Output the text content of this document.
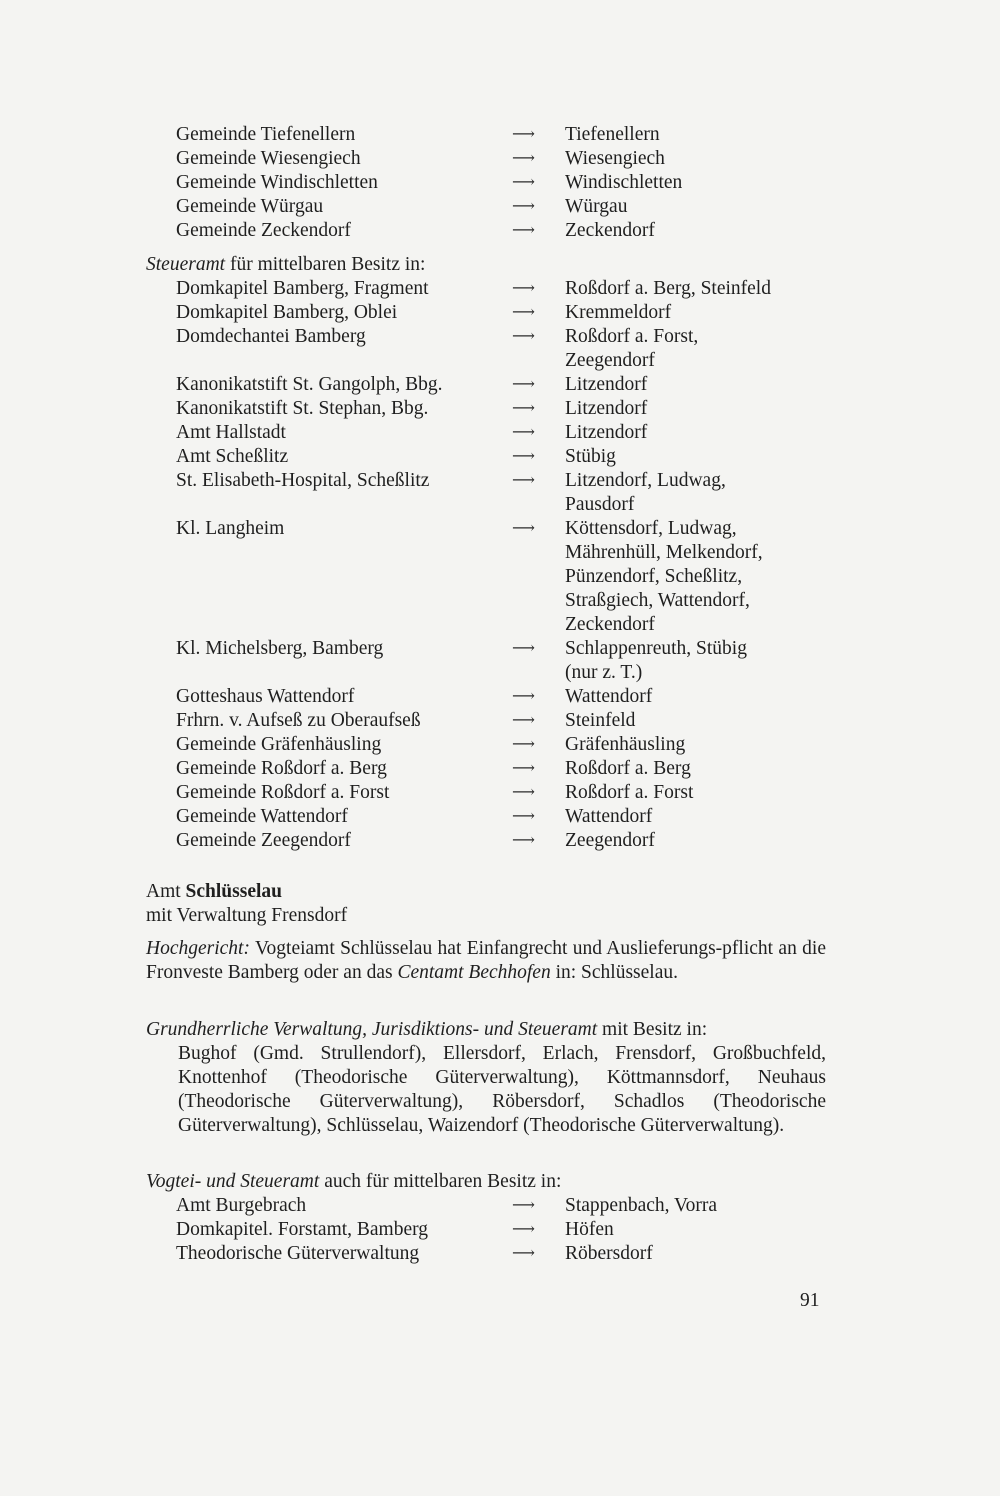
Gemeinde Tiefenellern	⟶ Tiefenellern
Gemeinde Wiesengiech	⟶ Wiesengiech
Gemeinde Windischletten	⟶ Windischletten
Gemeinde Würgau	⟶ Würgau
Gemeinde Zeckendorf	⟶ Zeckendorf
Steueramt für mittelbaren Besitz in:
Domkapitel Bamberg, Fragment	⟶ Roßdorf a. Berg, Steinfeld
Domkapitel Bamberg, Oblei	⟶ Kremmeldorf
Domdechantei Bamberg	⟶ Roßdorf a. Forst,
Zeegendorf
Kanonikatstift St. Gangolph, Bbg.	⟶ Litzendorf
Kanonikatstift St. Stephan, Bbg.	⟶ Litzendorf
Amt Hallstadt	⟶ Litzendorf
Amt Scheßlitz	⟶ Stübig
St. Elisabeth-Hospital, Scheßlitz	⟶ Litzendorf, Ludwag,
Pausdorf
Kl. Langheim	⟶ Köttensdorf, Ludwag,
Mährenhüll, Melkendorf,
Pünzendorf, Scheßlitz,
Straßgiech, Wattendorf,
Zeckendorf
Kl. Michelsberg, Bamberg	⟶ Schlappenreuth, Stübig
(nur z. T.)
Gotteshaus Wattendorf	⟶ Wattendorf
Frhrn. v. Aufseß zu Oberaufseß	⟶ Steinfeld
Gemeinde Gräfenhäusling	⟶ Gräfenhäusling
Gemeinde Roßdorf a. Berg	⟶ Roßdorf a. Berg
Gemeinde Roßdorf a. Forst	⟶ Roßdorf a. Forst
Gemeinde Wattendorf	⟶ Wattendorf
Gemeinde Zeegendorf	⟶ Zeegendorf
Amt Schlüsselau
mit Verwaltung Frensdorf
Hochgericht: Vogteiamt Schlüsselau hat Einfangrecht und Auslieferungs-pflicht an die Fronveste Bamberg oder an das Centamt Bechhofen in: Schlüsselau.
Grundherrliche Verwaltung, Jurisdiktions- und Steueramt mit Besitz in:
Bughof (Gmd. Strullendorf), Ellersdorf, Erlach, Frensdorf, Großbuchfeld, Knottenhof (Theodorische Güterverwaltung), Köttmannsdorf, Neuhaus (Theodorische Güterverwaltung), Röbersdorf, Schadlos (Theodorische Güterverwaltung), Schlüsselau, Waizendorf (Theodorische Güterverwaltung).
Vogtei- und Steueramt auch für mittelbaren Besitz in:
Amt Burgebrach	⟶ Stappenbach, Vorra
Domkapitel. Forstamt, Bamberg	⟶ Höfen
Theodorische Güterverwaltung	⟶ Röbersdorf
91
